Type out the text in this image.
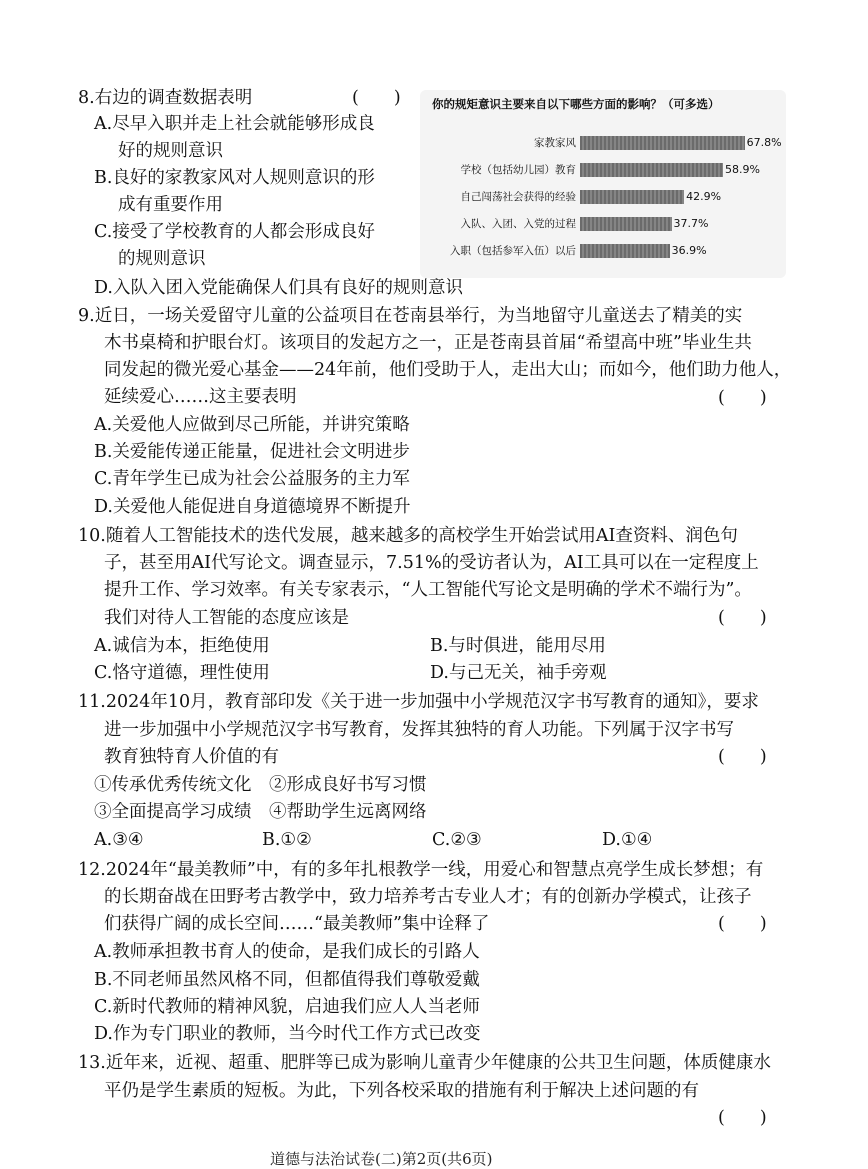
8.右边的调查数据表明	(　　)
A.尽早入职并走上社会就能够形成良
好的规则意识
B.良好的家教家风对人规则意识的形
成有重要作用
C.接受了学校教育的人都会形成良好
的规则意识
D.入队入团入党能确保人们具有良好的规则意识
你的规矩意识主要来自以下哪些方面的影响？（可多选）
家教家风	67.8%
学校（包括幼儿园）教育	58.9%
自己闯荡社会获得的经验	42.9%
入队、入团、入党的过程	37.7%
入职（包括参军入伍）以后	36.9%
9.近日，一场关爱留守儿童的公益项目在苍南县举行，为当地留守儿童送去了精美的实
木书桌椅和护眼台灯。该项目的发起方之一，正是苍南县首届“希望高中班”毕业生共
同发起的微光爱心基金——24年前，他们受助于人，走出大山；而如今，他们助力他人，
延续爱心……这主要表明	(　　)
A.关爱他人应做到尽己所能，并讲究策略
B.关爱能传递正能量，促进社会文明进步
C.青年学生已成为社会公益服务的主力军
D.关爱他人能促进自身道德境界不断提升
10.随着人工智能技术的迭代发展，越来越多的高校学生开始尝试用AI查资料、润色句
子，甚至用AI代写论文。调查显示，7.51%的受访者认为，AI工具可以在一定程度上
提升工作、学习效率。有关专家表示，“人工智能代写论文是明确的学术不端行为”。
我们对待人工智能的态度应该是	(　　)
A.诚信为本，拒绝使用	B.与时俱进，能用尽用
C.恪守道德，理性使用	D.与己无关，袖手旁观
11.2024年10月，教育部印发《关于进一步加强中小学规范汉字书写教育的通知》，要求
进一步加强中小学规范汉字书写教育，发挥其独特的育人功能。下列属于汉字书写
教育独特育人价值的有	(　　)
①传承优秀传统文化　②形成良好书写习惯
③全面提高学习成绩　④帮助学生远离网络
A.③④	B.①②	C.②③	D.①④
12.2024年“最美教师”中，有的多年扎根教学一线，用爱心和智慧点亮学生成长梦想；有
的长期奋战在田野考古教学中，致力培养考古专业人才；有的创新办学模式，让孩子
们获得广阔的成长空间……“最美教师”集中诠释了	(　　)
A.教师承担教书育人的使命，是我们成长的引路人
B.不同老师虽然风格不同，但都值得我们尊敬爱戴
C.新时代教师的精神风貌，启迪我们应人人当老师
D.作为专门职业的教师，当今时代工作方式已改变
13.近年来，近视、超重、肥胖等已成为影响儿童青少年健康的公共卫生问题，体质健康水
平仍是学生素质的短板。为此，下列各校采取的措施有利于解决上述问题的有
(　　)
道德与法治试卷(二)第2页(共6页)
